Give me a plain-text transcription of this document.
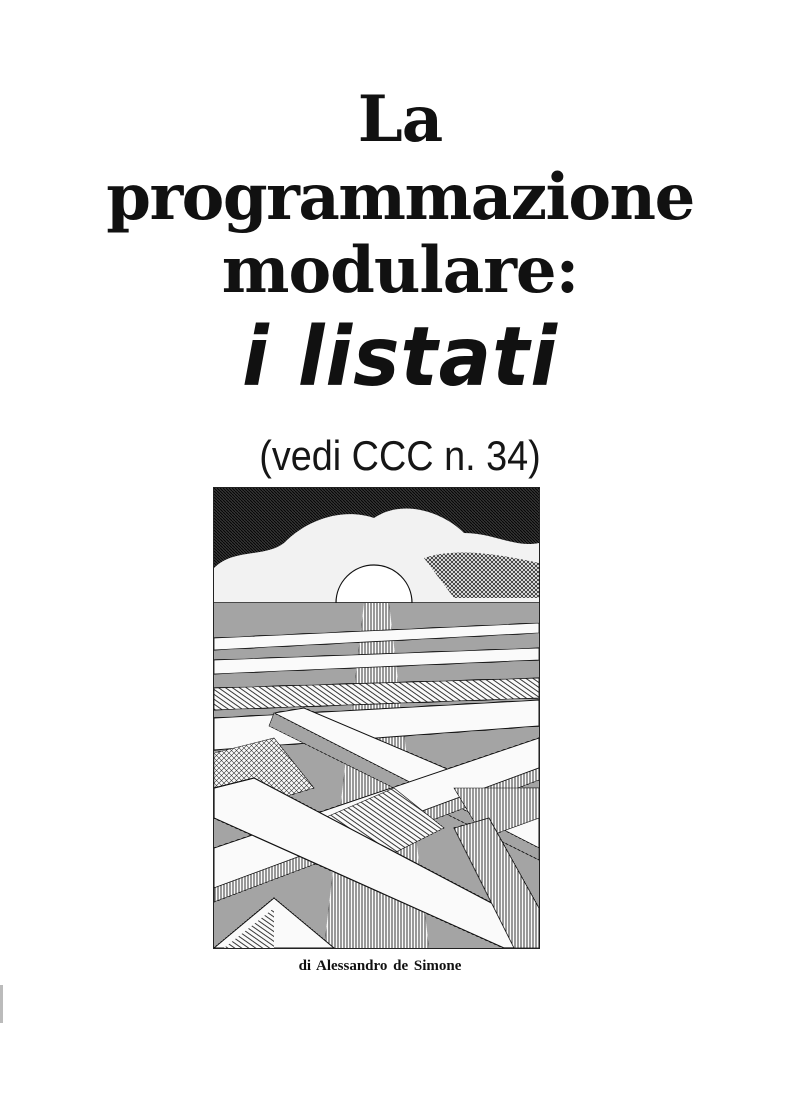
La
programmazione
modulare:
i listati
(vedi CCC n. 34)

di Alessandro de Simone
